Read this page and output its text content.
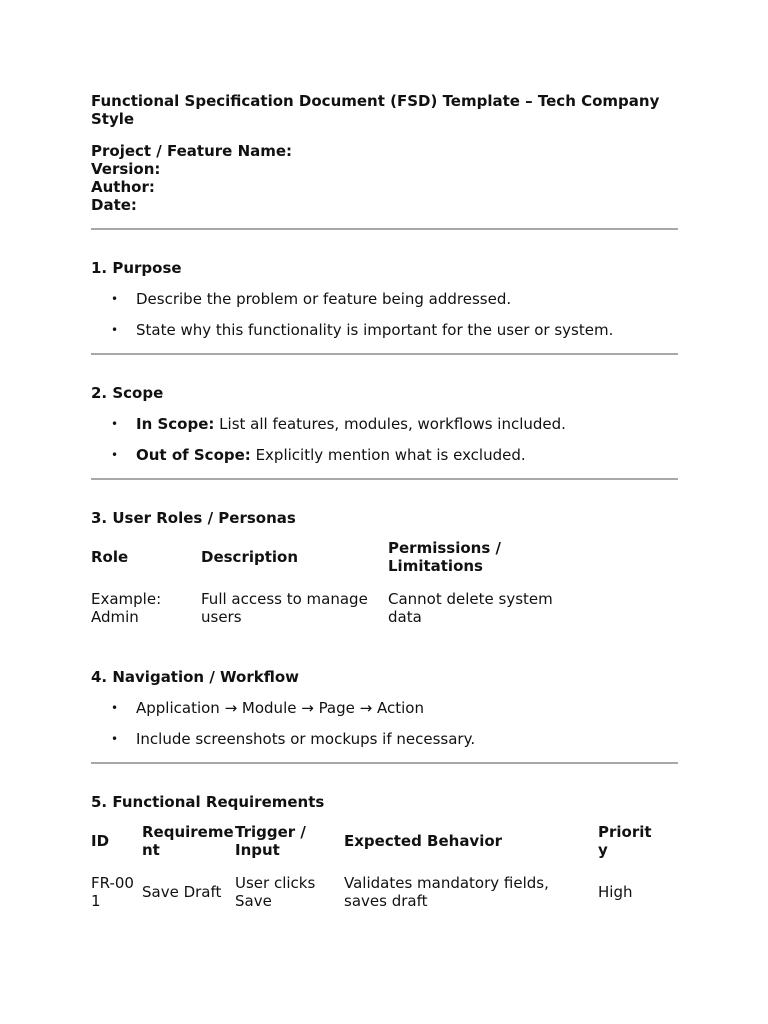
Functional Specification Document (FSD) Template – Tech Company Style
Project / Feature Name:
Version:
Author:
Date:
1. Purpose
• Describe the problem or feature being addressed.
• State why this functionality is important for the user or system.
2. Scope
• In Scope: List all features, modules, workflows included.
• Out of Scope: Explicitly mention what is excluded.
3. User Roles / Personas
Role	Description	Permissions / Limitations	
Example: Admin	Full access to manage users	Cannot delete system data	
4. Navigation / Workflow
• Application → Module → Page → Action
• Include screenshots or mockups if necessary.
5. Functional Requirements
ID	Requirement	Trigger / Input	Expected Behavior	Priority	
FR-001	Save Draft	User clicks Save	Validates mandatory fields, saves draft	High	
